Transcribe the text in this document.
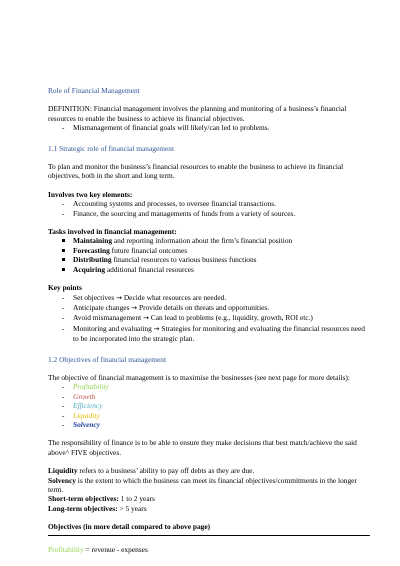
Role of Financial Management

DEFINITION: Financial management involves the planning and monitoring of a business’s financial resources to enable the business to achieve its financial objectives.

- Mismanagement of financial goals will likely/can led to problems.

1.1 Strategic role of financial management

To plan and monitor the business’s financial resources to enable the business to achieve its financial objectives, both in the short and long term.

Involves two key elements:

- Accounting systems and processes, to oversee financial transactions.
- Finance, the sourcing and managements of funds from a variety of sources.

Tasks involved in financial management:

Maintaining and reporting information about the firm’s financial position
Forecasting future financial outcomes
Distributing financial resources to various business functions
Acquiring additional financial resources

Key points

- Set objectives → Decide what resources are needed.
- Anticipate changes → Provide details on threats and opportunities.
- Avoid mismanagement → Can lead to problems (e.g., liquidity, growth, ROI etc.)
- Monitoring and evaluating → Strategies for monitoring and evaluating the financial resources need to be incorporated into the strategic plan.

1.2 Objectives of financial management

The objective of financial management is to maximise the businesses (see next page for more details):

- Profitability
- Growth
- Efficiency
- Liquidity
- Solvency

The responsibility of finance is to be able to ensure they make decisions that best match/achieve the said above^ FIVE objectives.

Liquidity refers to a business’ ability to pay off debts as they are due.

Solvency is the extent to which the business can meet its financial objectives/commitments in the longer term.

Short-term objectives: 1 to 2 years

Long-term objectives: > 5 years

Objectives (in more detail compared to above page)

Profitability = revenue - expenses
